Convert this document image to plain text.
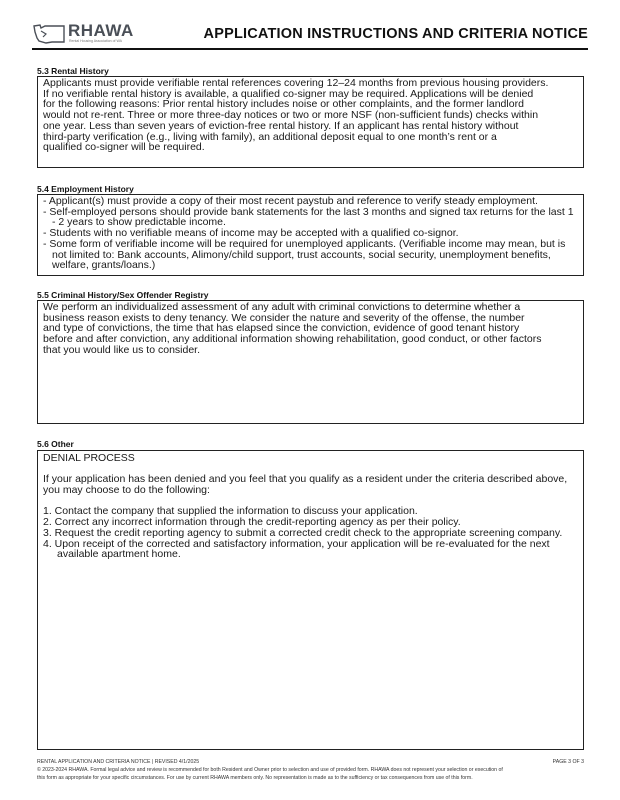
RHAWA
Rental Housing Association of WA	APPLICATION INSTRUCTIONS AND CRITERIA NOTICE
5.3 Rental History

Applicants must provide verifiable rental references covering 12–24 months from previous housing providers.

If no verifiable rental history is available, a qualified co-signer may be required. Applications will be denied

for the following reasons: Prior rental history includes noise or other complaints, and the former landlord

would not re-rent. Three or more three-day notices or two or more NSF (non-sufficient funds) checks within

one year. Less than seven years of eviction-free rental history. If an applicant has rental history without

third-party verification (e.g., living with family), an additional deposit equal to one month’s rent or a

qualified co-signer will be required.

5.4 Employment History

- Applicant(s) must provide a copy of their most recent paystub and reference to verify steady employment.

- Self-employed persons should provide bank statements for the last 3 months and signed tax returns for the last 1 - 2 years to show predictable income.

- Students with no verifiable means of income may be accepted with a qualified co-signor.

- Some form of verifiable income will be required for unemployed applicants. (Verifiable income may mean, but is not limited to: Bank accounts, Alimony/child support, trust accounts, social security, unemployment benefits, welfare, grants/loans.)

5.5 Criminal History/Sex Offender Registry

We perform an individualized assessment of any adult with criminal convictions to determine whether a

business reason exists to deny tenancy. We consider the nature and severity of the offense, the number

and type of convictions, the time that has elapsed since the conviction, evidence of good tenant history

before and after conviction, any additional information showing rehabilitation, good conduct, or other factors

that you would like us to consider.

5.6 Other

DENIAL PROCESS

If your application has been denied and you feel that you qualify as a resident under the criteria described above, you may choose to do the following:

1. Contact the company that supplied the information to discuss your application.

2. Correct any incorrect information through the credit-reporting agency as per their policy.

3. Request the credit reporting agency to submit a corrected credit check to the appropriate screening company.

4. Upon receipt of the corrected and satisfactory information, your application will be re-evaluated for the next available apartment home.

RENTAL APPLICATION AND CRITERIA NOTICE | REVISED 4/1/2025	PAGE 3 OF 3
© 2023-2024 RHAWA. Formal legal advice and review is recommended for both Resident and Owner prior to selection and use of provided form. RHAWA does not represent your selection or execution of
this form as appropriate for your specific circumstances. For use by current RHAWA members only. No representation is made as to the sufficiency or tax consequences from use of this form.
